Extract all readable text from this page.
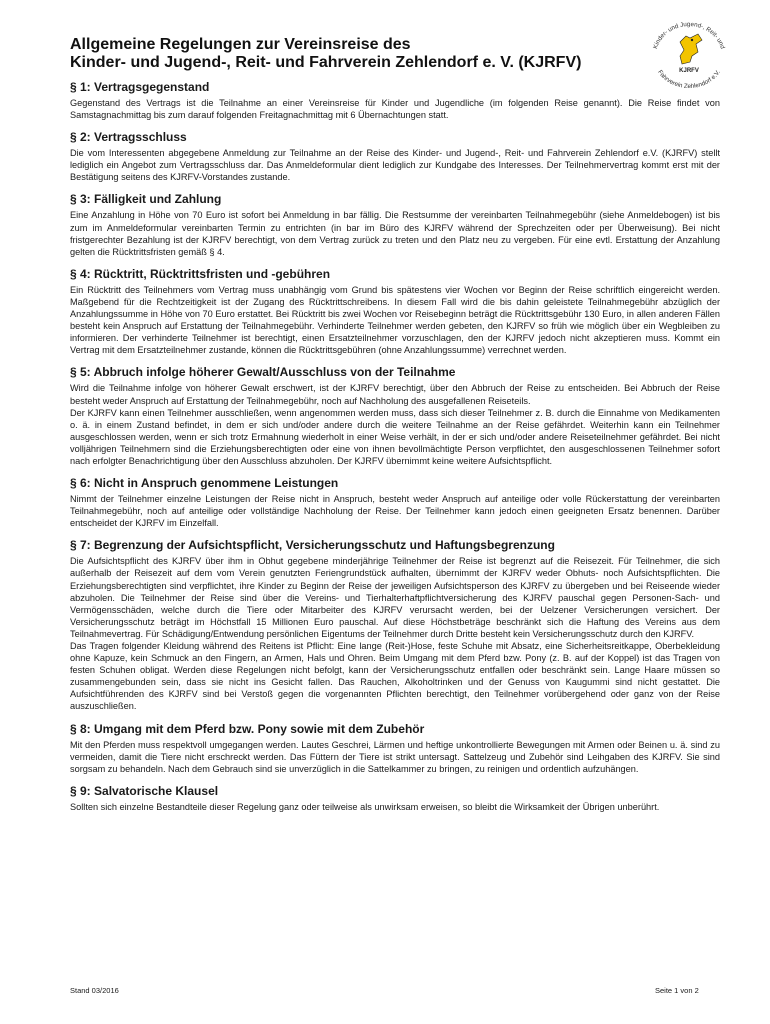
Allgemeine Regelungen zur Vereinsreise des
Kinder- und Jugend-, Reit- und Fahrverein Zehlendorf e. V. (KJRFV)
Kinder- und Jugend-, Reit- und
Fahrverein Zehlendorf e.V.
KJRFV
§ 1: Vertragsgegenstand

Gegenstand des Vertrags ist die Teilnahme an einer Vereinsreise für Kinder und Jugendliche (im folgenden Reise genannt). Die Reise findet von Samstagnachmittag bis zum darauf folgenden Freitagnachmittag mit 6 Übernachtungen statt.

§ 2: Vertragsschluss

Die vom Interessenten abgegebene Anmeldung zur Teilnahme an der Reise des Kinder- und Jugend-, Reit- und Fahrverein Zehlendorf e.V. (KJRFV) stellt lediglich ein Angebot zum Vertragsschluss dar. Das Anmeldeformular dient lediglich zur Kundgabe des Interesses. Der Teilnehmervertrag kommt erst mit der Bestätigung seitens des KJRFV-Vorstandes zustande.

§ 3: Fälligkeit und Zahlung

Eine Anzahlung in Höhe von 70 Euro ist sofort bei Anmeldung in bar fällig. Die Restsumme der vereinbarten Teilnahmegebühr (siehe Anmeldebogen) ist bis zum im Anmeldeformular vereinbarten Termin zu entrichten (in bar im Büro des KJRFV während der Sprechzeiten oder per Überweisung). Bei nicht fristgerechter Bezahlung ist der KJRFV berechtigt, von dem Vertrag zurück zu treten und den Platz neu zu vergeben. Für eine evtl. Erstattung der Anzahlung gelten die Rücktrittsfristen gemäß § 4.

§ 4: Rücktritt, Rücktrittsfristen und -gebühren

Ein Rücktritt des Teilnehmers vom Vertrag muss unabhängig vom Grund bis spätestens vier Wochen vor Beginn der Reise schriftlich eingereicht werden. Maßgebend für die Rechtzeitigkeit ist der Zugang des Rücktrittschreibens. In diesem Fall wird die bis dahin geleistete Teilnahmegebühr abzüglich der Anzahlungssumme in Höhe von 70 Euro erstattet. Bei Rücktritt bis zwei Wochen vor Reisebeginn beträgt die Rücktrittsgebühr 130 Euro, in allen anderen Fällen besteht kein Anspruch auf Erstattung der Teilnahmegebühr. Verhinderte Teilnehmer werden gebeten, den KJRFV so früh wie möglich über ein Wegbleiben zu informieren. Der verhinderte Teilnehmer ist berechtigt, einen Ersatzteilnehmer vorzuschlagen, den der KJRFV jedoch nicht akzeptieren muss. Kommt ein Vertrag mit dem Ersatzteilnehmer zustande, können die Rücktrittsgebühren (ohne Anzahlungssumme) verrechnet werden.

§ 5: Abbruch infolge höherer Gewalt/Ausschluss von der Teilnahme

Wird die Teilnahme infolge von höherer Gewalt erschwert, ist der KJRFV berechtigt, über den Abbruch der Reise zu entscheiden. Bei Abbruch der Reise besteht weder Anspruch auf Erstattung der Teilnahmegebühr, noch auf Nachholung des ausgefallenen Reiseteils.

Der KJRFV kann einen Teilnehmer ausschließen, wenn angenommen werden muss, dass sich dieser Teilnehmer z. B. durch die Einnahme von Medikamenten o. ä. in einem Zustand befindet, in dem er sich und/oder andere durch die weitere Teilnahme an der Reise gefährdet. Weiterhin kann ein Teilnehmer ausgeschlossen werden, wenn er sich trotz Ermahnung wiederholt in einer Weise verhält, in der er sich und/oder andere Reiseteilnehmer gefährdet. Bei nicht volljährigen Teilnehmern sind die Erziehungsberechtigten oder eine von ihnen bevollmächtigte Person verpflichtet, den ausgeschlossenen Teilnehmer sofort nach erfolgter Benachrichtigung über den Ausschluss abzuholen. Der KJRFV übernimmt keine weitere Aufsichtspflicht.

§ 6: Nicht in Anspruch genommene Leistungen

Nimmt der Teilnehmer einzelne Leistungen der Reise nicht in Anspruch, besteht weder Anspruch auf anteilige oder volle Rückerstattung der vereinbarten Teilnahmegebühr, noch auf anteilige oder vollständige Nachholung der Reise. Der Teilnehmer kann jedoch einen geeigneten Ersatz benennen. Darüber entscheidet der KJRFV im Einzelfall.

§ 7: Begrenzung der Aufsichtspflicht, Versicherungsschutz und Haftungsbegrenzung

Die Aufsichtspflicht des KJRFV über ihm in Obhut gegebene minderjährige Teilnehmer der Reise ist begrenzt auf die Reisezeit. Für Teilnehmer, die sich außerhalb der Reisezeit auf dem vom Verein genutzten Feriengrundstück aufhalten, übernimmt der KJRFV weder Obhuts- noch Aufsichtspflichten. Die Erziehungsberechtigten sind verpflichtet, ihre Kinder zu Beginn der Reise der jeweiligen Aufsichtsperson des KJRFV zu übergeben und bei Reiseende wieder abzuholen. Die Teilnehmer der Reise sind über die Vereins- und Tierhalterhaftpflichtversicherung des KJRFV pauschal gegen Personen-Sach- und Vermögensschäden, welche durch die Tiere oder Mitarbeiter des KJRFV verursacht werden, bei der Uelzener Versicherungen versichert. Der Versicherungsschutz beträgt im Höchstfall 15 Millionen Euro pauschal. Auf diese Höchstbeträge beschränkt sich die Haftung des Vereins aus dem Teilnahmevertrag. Für Schädigung/Entwendung persönlichen Eigentums der Teilnehmer durch Dritte besteht kein Versicherungsschutz durch den KJRFV.

Das Tragen folgender Kleidung während des Reitens ist Pflicht: Eine lange (Reit-)Hose, feste Schuhe mit Absatz, eine Sicherheitsreitkappe, Oberbekleidung ohne Kapuze, kein Schmuck an den Fingern, an Armen, Hals und Ohren. Beim Umgang mit dem Pferd bzw. Pony (z. B. auf der Koppel) ist das Tragen von festen Schuhen obligat. Werden diese Regelungen nicht befolgt, kann der Versicherungsschutz entfallen oder beschränkt sein. Lange Haare müssen so zusammengebunden sein, dass sie nicht ins Gesicht fallen. Das Rauchen, Alkoholtrinken und der Genuss von Kaugummi sind nicht gestattet. Die Aufsichtführenden des KJRFV sind bei Verstoß gegen die vorgenannten Pflichten berechtigt, den Teilnehmer vorübergehend oder ganz von der Reise auszuschließen.

§ 8: Umgang mit dem Pferd bzw. Pony sowie mit dem Zubehör

Mit den Pferden muss respektvoll umgegangen werden. Lautes Geschrei, Lärmen und heftige unkontrollierte Bewegungen mit Armen oder Beinen u. ä. sind zu vermeiden, damit die Tiere nicht erschreckt werden. Das Füttern der Tiere ist strikt untersagt. Sattelzeug und Zubehör sind Leihgaben des KJRFV. Sie sind sorgsam zu behandeln. Nach dem Gebrauch sind sie unverzüglich in die Sattelkammer zu bringen, zu reinigen und ordentlich aufzuhängen.

§ 9: Salvatorische Klausel

Sollten sich einzelne Bestandteile dieser Regelung ganz oder teilweise als unwirksam erweisen, so bleibt die Wirksamkeit der Übrigen unberührt.

Stand 03/2016	Seite 1 von 2
